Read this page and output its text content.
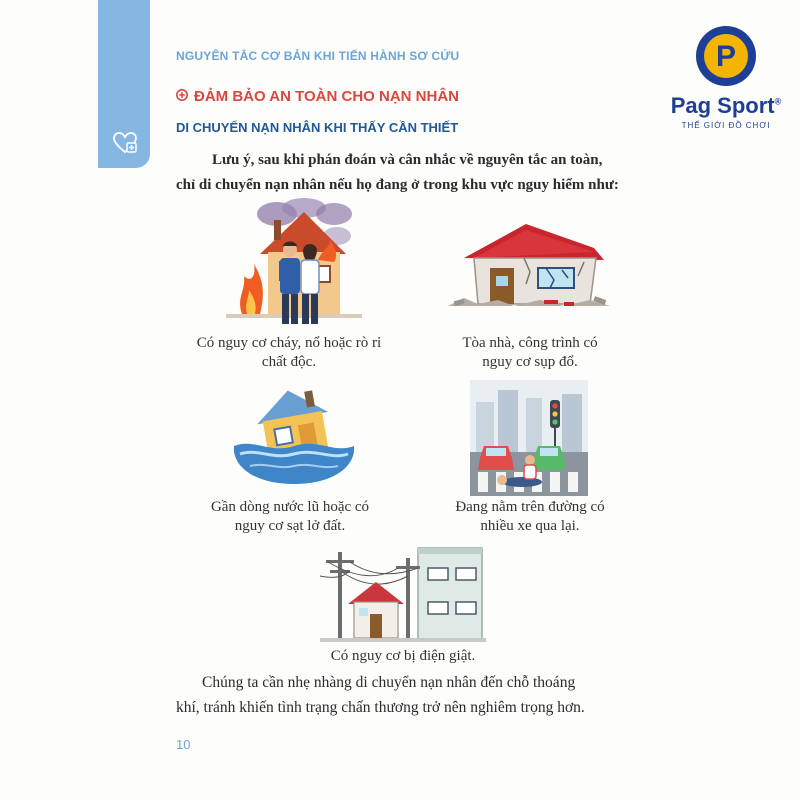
NGUYÊN TẮC CƠ BẢN KHI TIẾN HÀNH SƠ CỨU
ĐẢM BẢO AN TOÀN CHO NẠN NHÂN
DI CHUYỂN NẠN NHÂN KHI THẤY CẦN THIẾT

Lưu ý, sau khi phán đoán và cân nhắc về nguyên tắc an toàn,

chỉ di chuyển nạn nhân nếu họ đang ở trong khu vực nguy hiểm như:

Có nguy cơ cháy, nổ hoặc rò rỉ
chất độc.
Tòa nhà, công trình có
nguy cơ sụp đổ.
Gần dòng nước lũ hoặc có
nguy cơ sạt lở đất.
Đang nằm trên đường có
nhiều xe qua lại.
Có nguy cơ bị điện giật.

Chúng ta cần nhẹ nhàng di chuyển nạn nhân đến chỗ thoáng

khí, tránh khiến tình trạng chấn thương trở nên nghiêm trọng hơn.

10
P
Pag Sport®
THẾ GIỚI ĐỒ CHƠI
